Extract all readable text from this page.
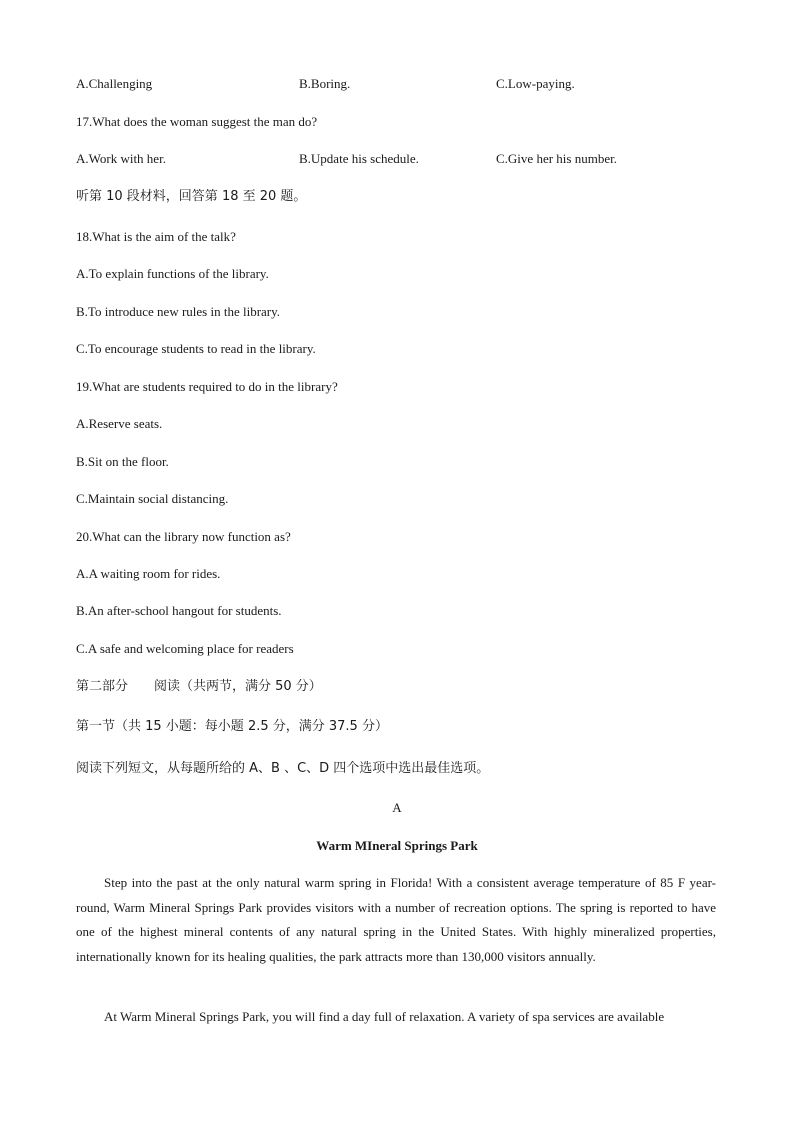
A.Challenging	B.Boring.	C.Low-paying.
17.What does the woman suggest the man do?
A.Work with her.	B.Update his schedule.	C.Give her his number.
听第 10 段材料，回答第 18 至 20 题。
18.What is the aim of the talk?
A.To explain functions of the library.
B.To introduce new rules in the library.
C.To encourage students to read in the library.
19.What are students required to do in the library?
A.Reserve seats.
B.Sit on the floor.
C.Maintain social distancing.
20.What can the library now function as?
A.A waiting room for rides.
B.An after-school hangout for students.
C.A safe and welcoming place for readers
第二部分　　阅读（共两节，满分 50 分）
第一节（共 15 小题：每小题 2.5 分，满分 37.5 分）
阅读下列短文，从每题所给的 A、B 、C、D 四个选项中选出最佳选项。
A
Warm MIneral Springs Park

Step into the past at the only natural warm spring in Florida! With a consistent average temperature of 85 F year-round, Warm Mineral Springs Park provides visitors with a number of recreation options. The spring is reported to have one of the highest mineral contents of any natural spring in the United States. With highly mineralized properties, internationally known for its healing qualities, the park attracts more than 130,000 visitors annually.

At Warm Mineral Springs Park, you will find a day full of relaxation. A variety of spa services are available
